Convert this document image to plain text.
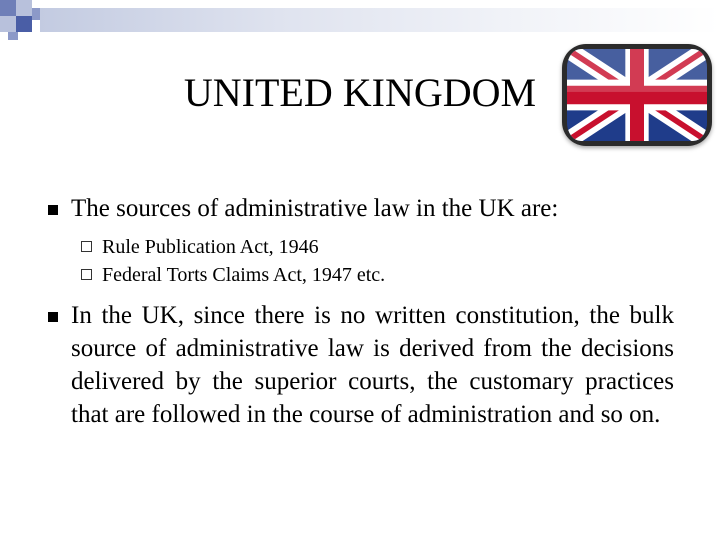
UNITED KINGDOM
The sources of administrative law in the UK are:
Rule Publication Act, 1946
Federal Torts Claims Act, 1947 etc.
In the UK, since there is no written constitution, the bulk source of administrative law is derived from the decisions delivered by the superior courts, the customary practices that are followed in the course of administration and so on.
